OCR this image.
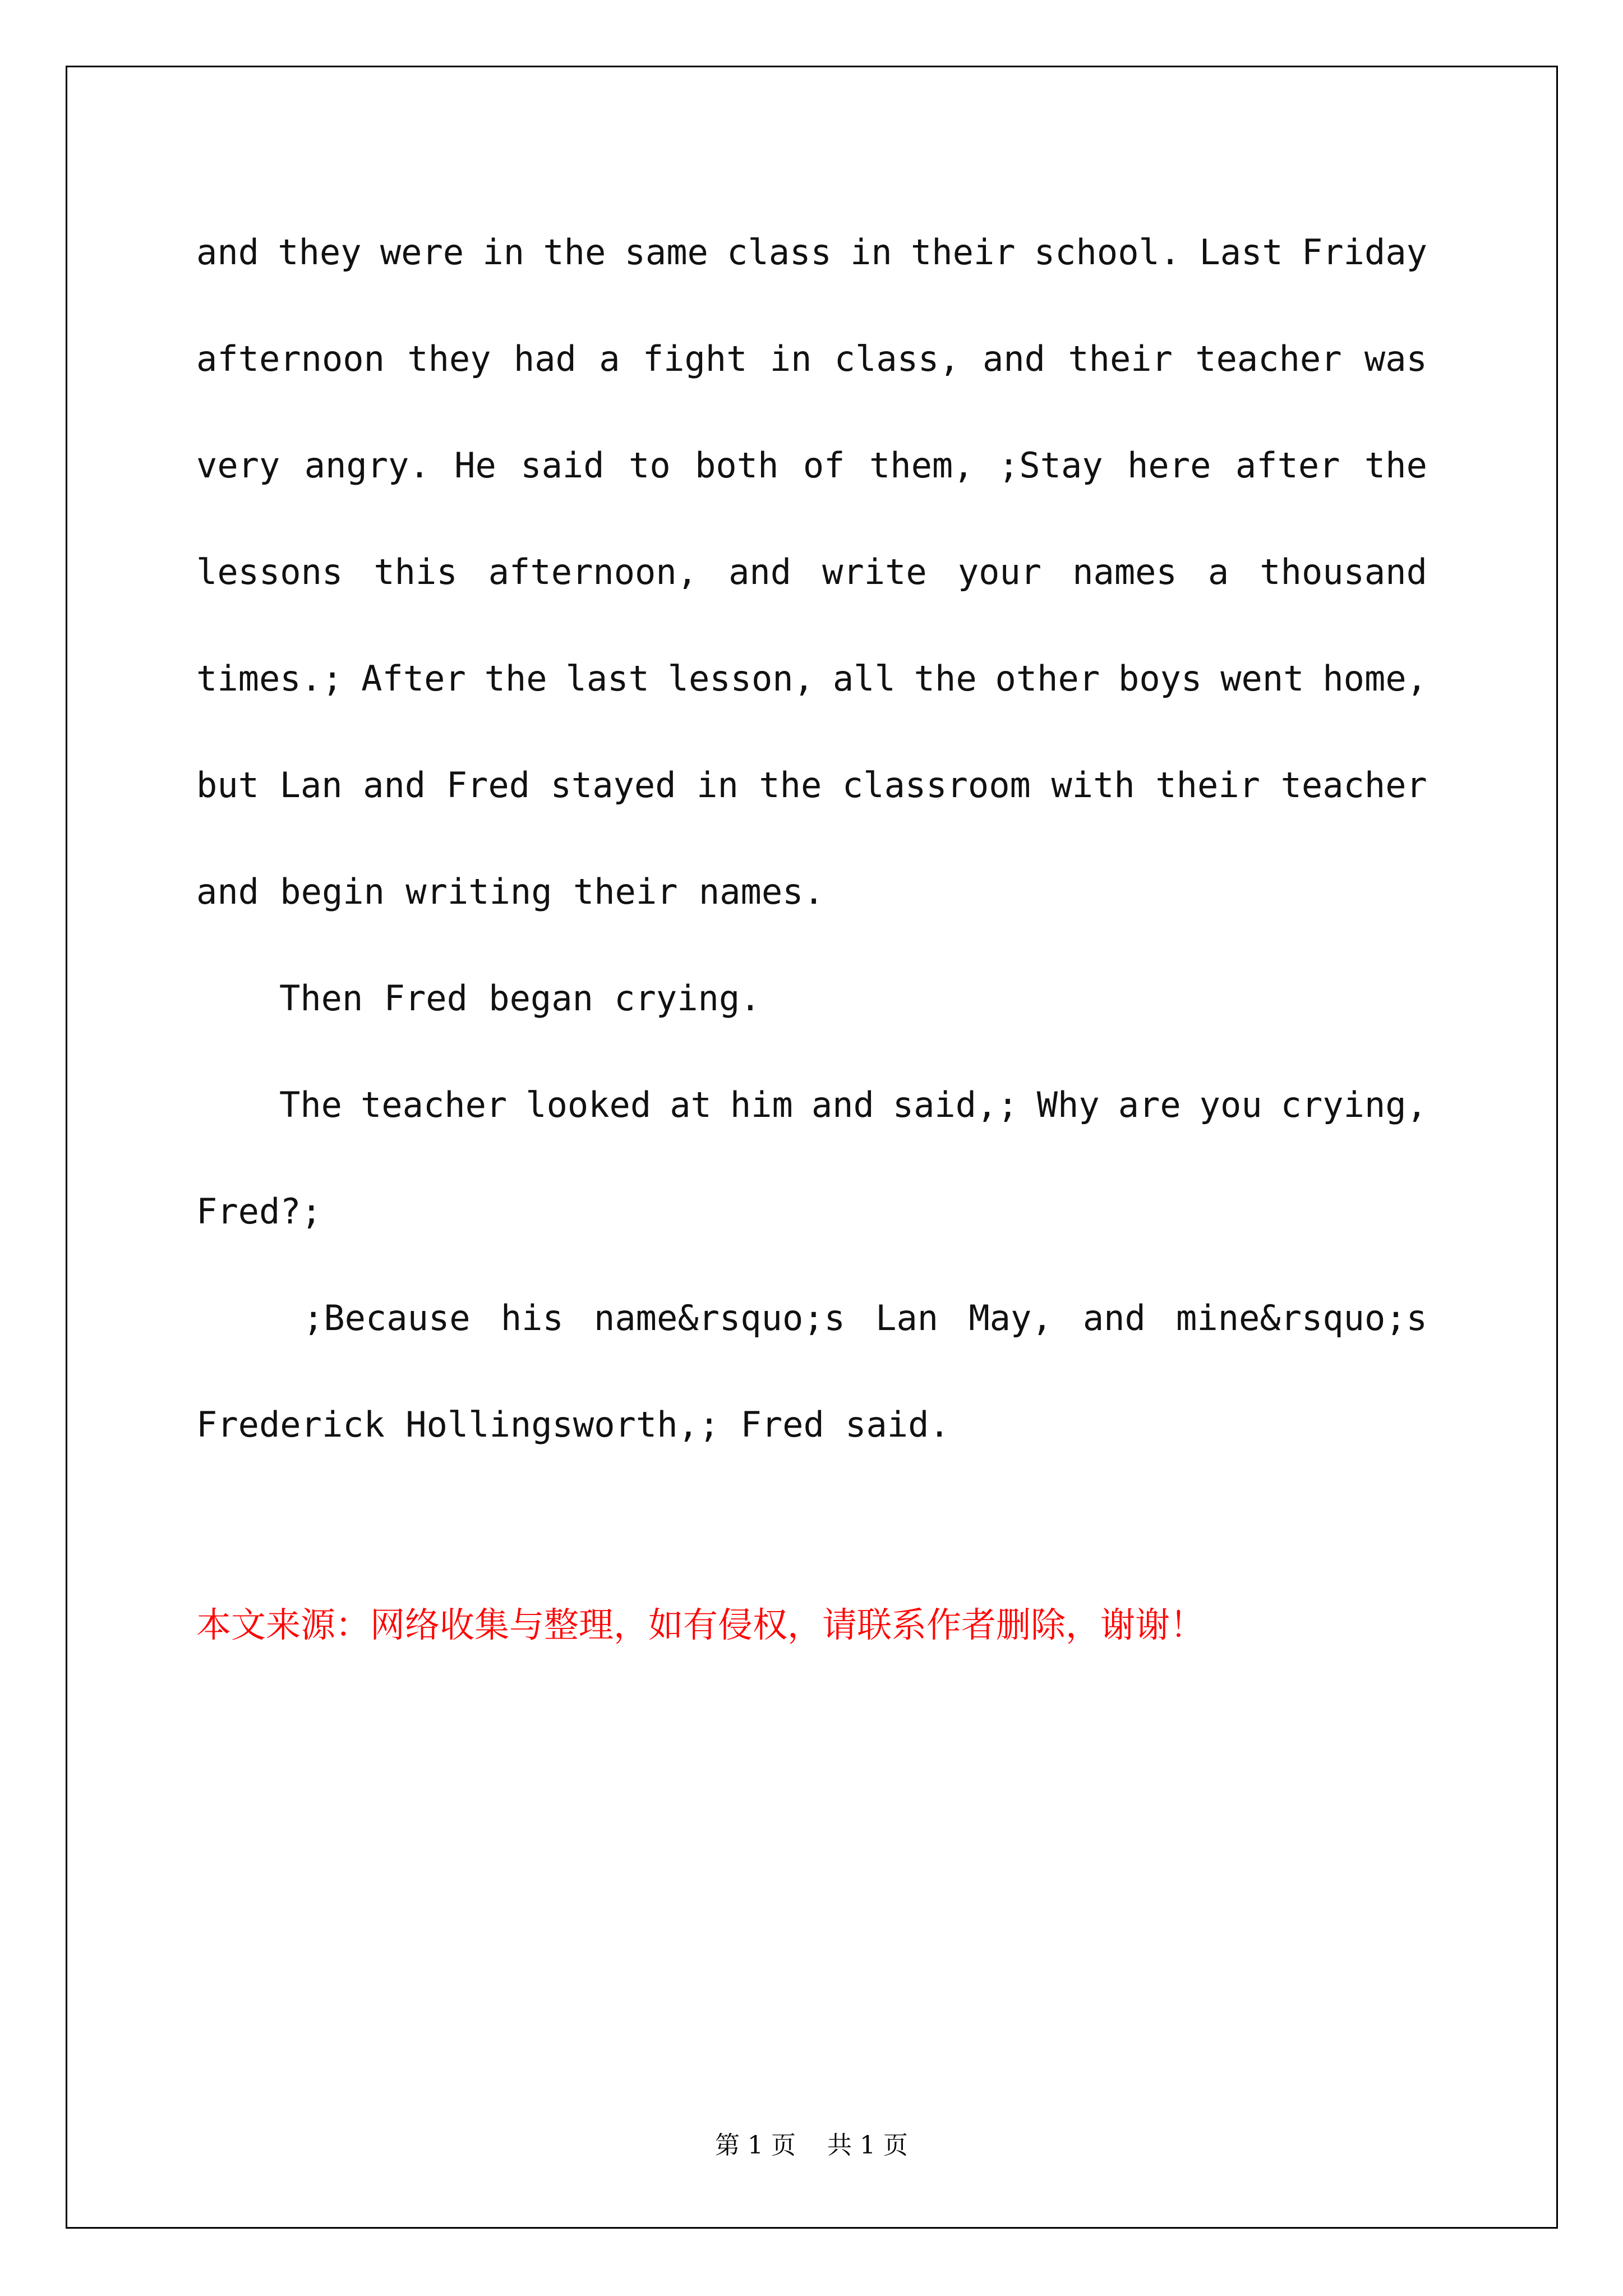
and they were in the same class in their school. Last Friday
afternoon they had a fight in class, and their teacher was
very angry. He said to both of them, ;Stay here after the
lessons this afternoon, and write your names a thousand
times.; After the last lesson, all the other boys went home,
but Lan and Fred stayed in the classroom with their teacher
and begin writing their names.
Then Fred began crying.
The teacher looked at him and said,; Why are you crying,
Fred?;
;Because his name&rsquo;s Lan May, and mine&rsquo;s
Frederick Hollingsworth,; Fred said.
本文来源：网络收集与整理，如有侵权，请联系作者删除，谢谢！
第 1 页    共 1 页
